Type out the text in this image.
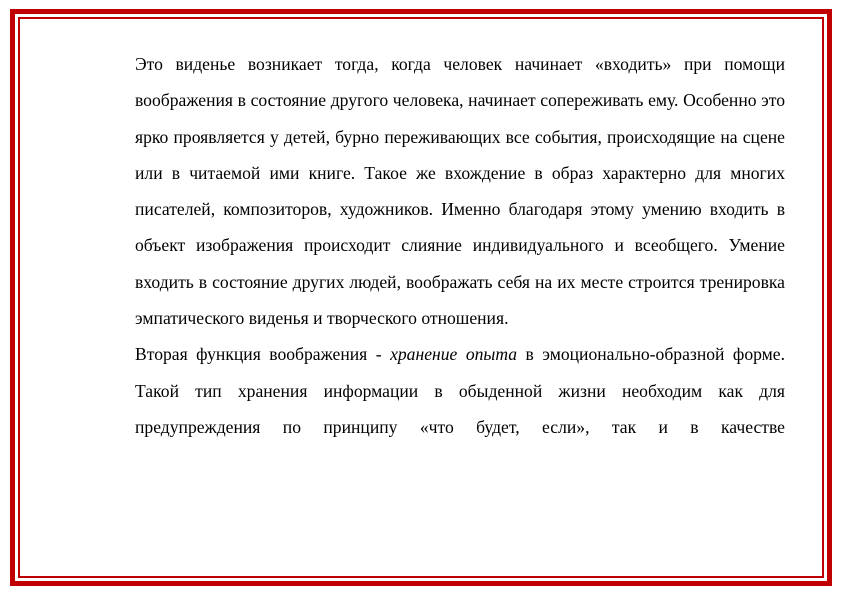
Это виденье возникает тогда, когда человек начинает «входить» при помощи воображения в состояние другого человека, начинает сопереживать ему. Особенно это ярко проявляется у детей, бурно переживающих все события, происходящие на сцене или в читаемой ими книге. Такое же вхождение в образ характерно для многих писателей, композиторов, художников. Именно благодаря этому умению входить в объект изображения происходит слияние индивидуального и всеобщего. Умение входить в состояние других людей, воображать себя на их месте строится тренировка эмпатического виденья и творческого отношения.

Вторая функция воображения - хранение опыта в эмоционально-образной форме. Такой тип хранения информации в обыденной жизни необходим как для предупреждения по принципу «что будет, если», так и в качестве
